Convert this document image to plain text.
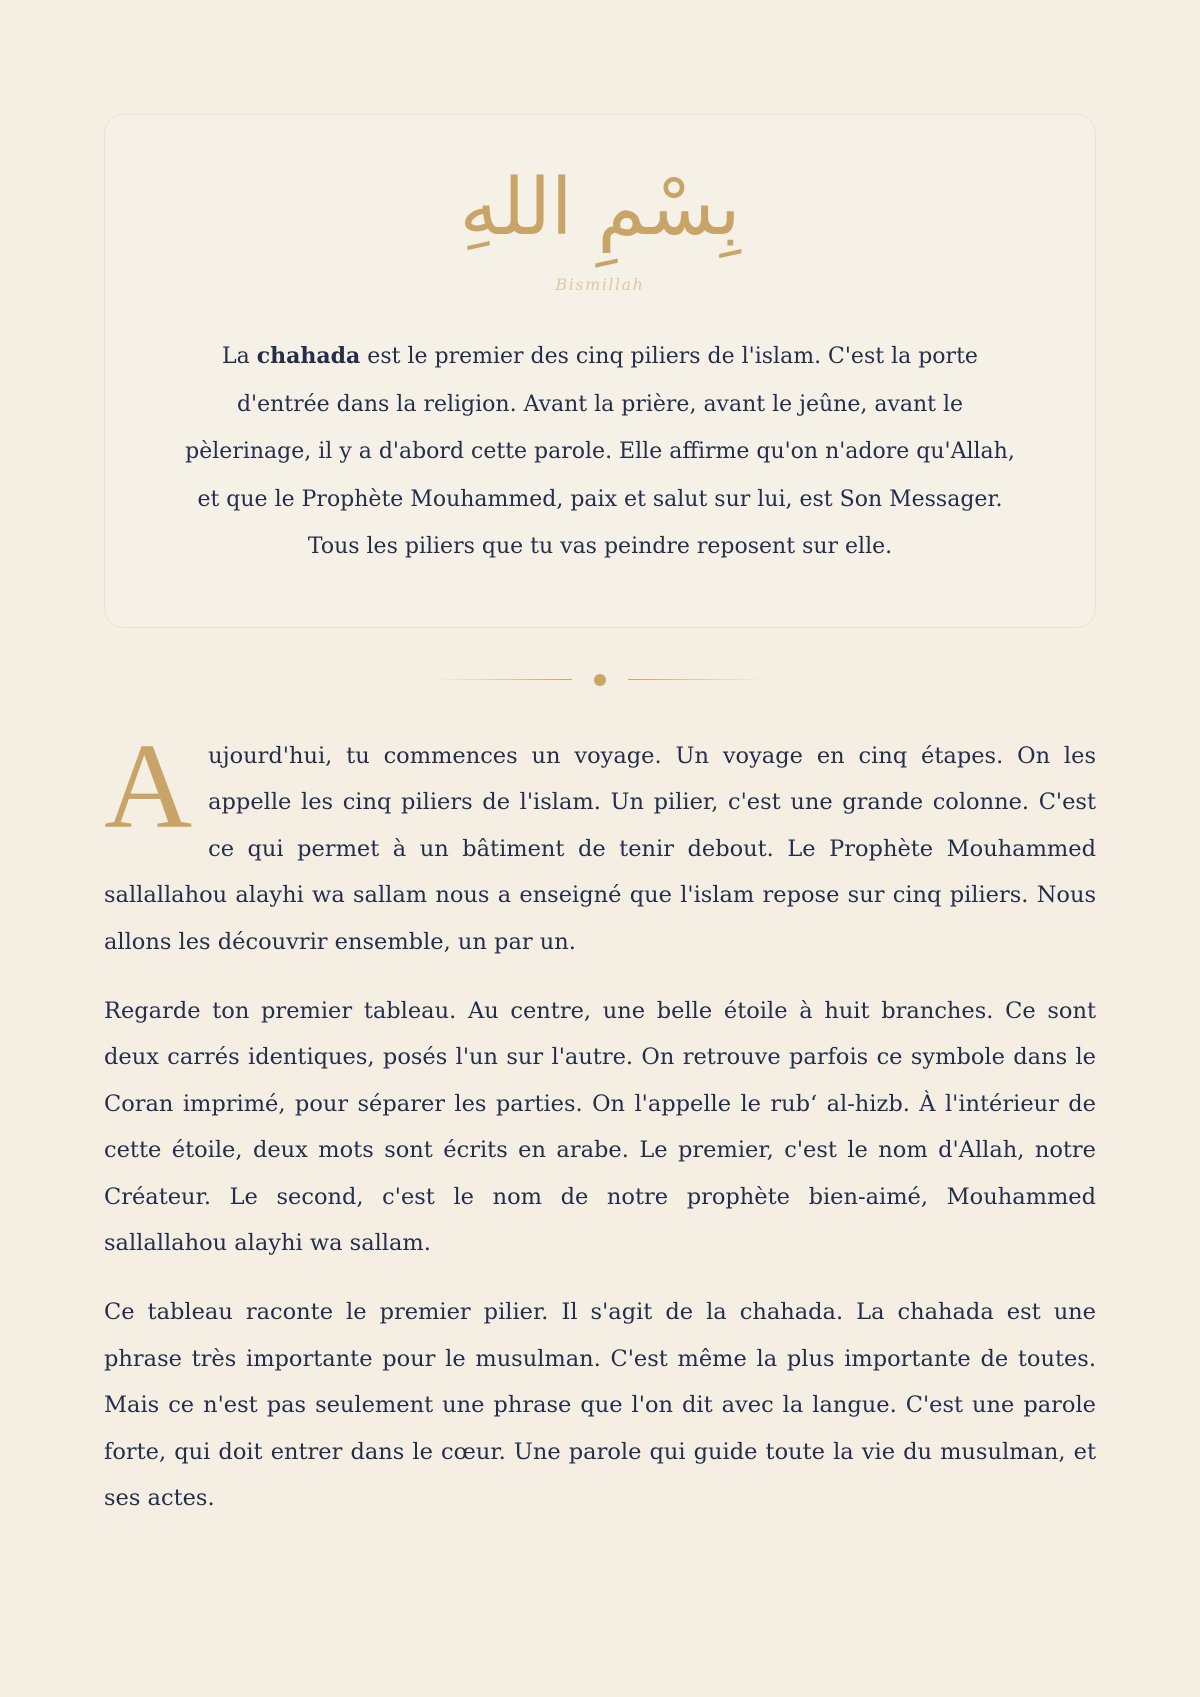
بِسْمِ اللهِ
Bismillah

La chahada est le premier des cinq piliers de l'islam. C'est la porte d'entrée dans la religion. Avant la prière, avant le jeûne, avant le pèlerinage, il y a d'abord cette parole. Elle affirme qu'on n'adore qu'Allah, et que le Prophète Mouhammed, paix et salut sur lui, est Son Messager. Tous les piliers que tu vas peindre reposent sur elle.

Aujourd'hui, tu commences un voyage. Un voyage en cinq étapes. On les appelle les cinq piliers de l'islam. Un pilier, c'est une grande colonne. C'est ce qui permet à un bâtiment de tenir debout. Le Prophète Mouhammed sallallahou alayhi wa sallam nous a enseigné que l'islam repose sur cinq piliers. Nous allons les découvrir ensemble, un par un.

Regarde ton premier tableau. Au centre, une belle étoile à huit branches. Ce sont deux carrés identiques, posés l'un sur l'autre. On retrouve parfois ce symbole dans le Coran imprimé, pour séparer les parties. On l'appelle le rub‘ al-hizb. À l'intérieur de cette étoile, deux mots sont écrits en arabe. Le premier, c'est le nom d'Allah, notre Créateur. Le second, c'est le nom de notre prophète bien-aimé, Mouhammed sallallahou alayhi wa sallam.

Ce tableau raconte le premier pilier. Il s'agit de la chahada. La chahada est une phrase très importante pour le musulman. C'est même la plus importante de toutes. Mais ce n'est pas seulement une phrase que l'on dit avec la langue. C'est une parole forte, qui doit entrer dans le cœur. Une parole qui guide toute la vie du musulman, et ses actes.
